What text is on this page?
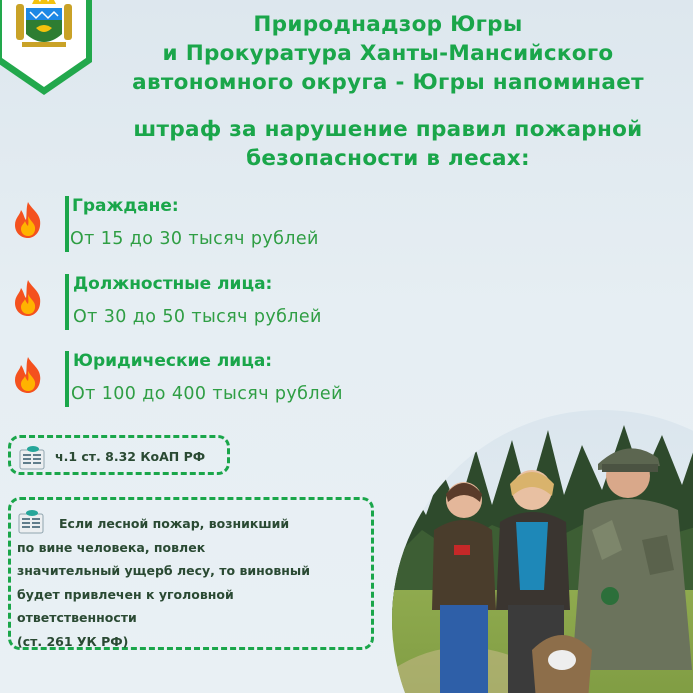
Природнадзор Югры
и Прокуратура Ханты-Мансийского
автономного округа - Югры напоминает
штраф за нарушение правил пожарной
безопасности в лесах:
Граждане:
От 15 до 30 тысяч рублей
Должностные лица:
От 30 до 50 тысяч рублей
Юридические лица:
От 100 до 400 тысяч рублей
ч.1 ст. 8.32 КоАП РФ
Если лесной пожар, возникший
по вине человека, повлек
значительный ущерб лесу, то виновный
будет привлечен к уголовной
ответственности
(ст. 261 УК РФ)
